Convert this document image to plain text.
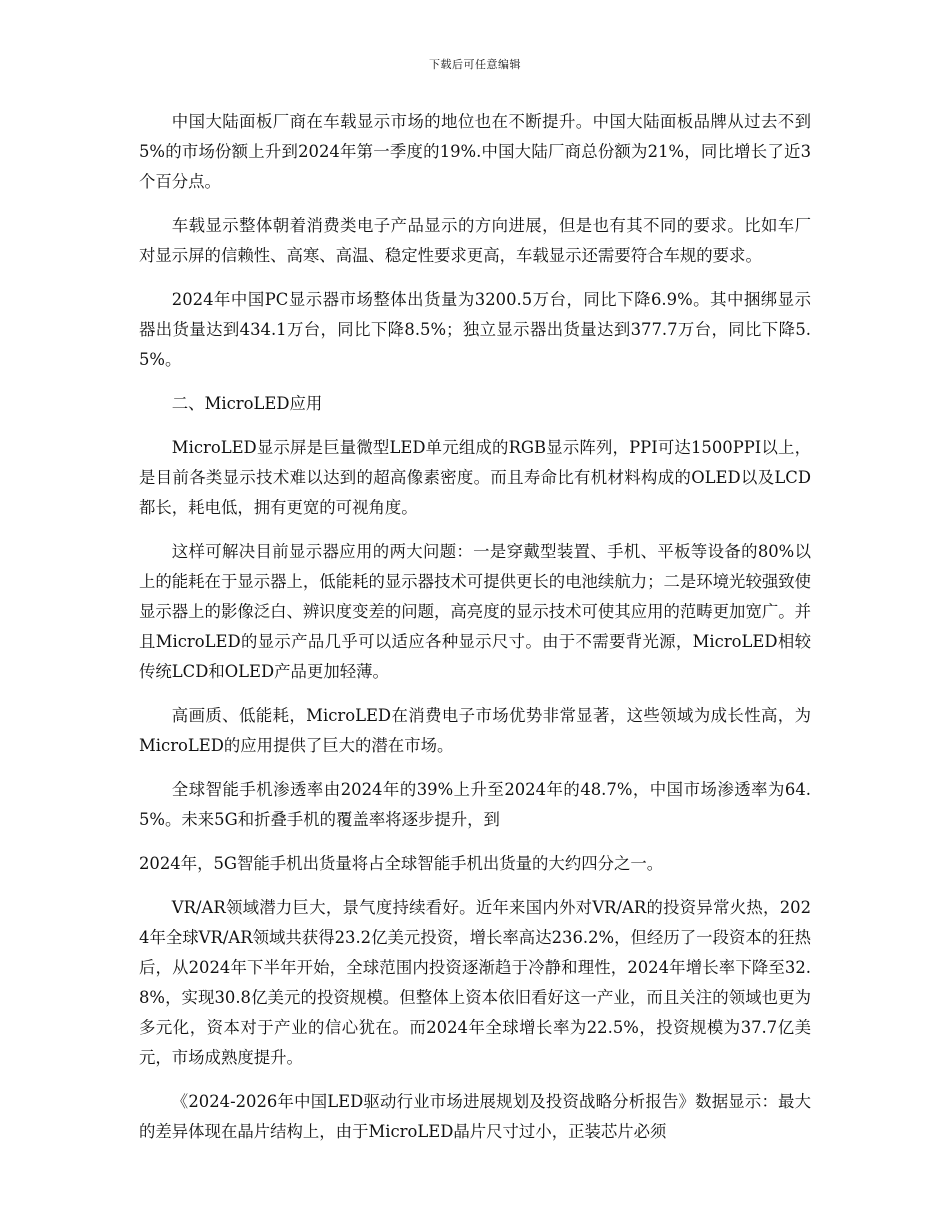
下载后可任意编辑

中国大陆面板厂商在车载显示市场的地位也在不断提升。中国大陆面板品牌从过去不到5%的市场份额上升到2024年第一季度的19%.中国大陆厂商总份额为21%，同比增长了近3个百分点。

车载显示整体朝着消费类电子产品显示的方向进展，但是也有其不同的要求。比如车厂对显示屏的信赖性、高寒、高温、稳定性要求更高，车载显示还需要符合车规的要求。

2024年中国PC显示器市场整体出货量为3200.5万台，同比下降6.9%。其中捆绑显示器出货量达到434.1万台，同比下降8.5%；独立显示器出货量达到377.7万台，同比下降5.5%。

二、MicroLED应用

MicroLED显示屏是巨量微型LED单元组成的RGB显示阵列，PPI可达1500PPI以上，是目前各类显示技术难以达到的超高像素密度。而且寿命比有机材料构成的OLED以及LCD都长，耗电低，拥有更宽的可视角度。

这样可解决目前显示器应用的两大问题：一是穿戴型装置、手机、平板等设备的80%以上的能耗在于显示器上，低能耗的显示器技术可提供更长的电池续航力；二是环境光较强致使显示器上的影像泛白、辨识度变差的问题，高亮度的显示技术可使其应用的范畴更加宽广。并且MicroLED的显示产品几乎可以适应各种显示尺寸。由于不需要背光源，MicroLED相较传统LCD和OLED产品更加轻薄。

高画质、低能耗，MicroLED在消费电子市场优势非常显著，这些领域为成长性高，为MicroLED的应用提供了巨大的潜在市场。

全球智能手机渗透率由2024年的39%上升至2024年的48.7%，中国市场渗透率为64.5%。未来5G和折叠手机的覆盖率将逐步提升，到

2024年，5G智能手机出货量将占全球智能手机出货量的大约四分之一。

VR/AR领域潜力巨大，景气度持续看好。近年来国内外对VR/AR的投资异常火热，2024年全球VR/AR领域共获得23.2亿美元投资，增长率高达236.2%，但经历了一段资本的狂热后，从2024年下半年开始，全球范围内投资逐渐趋于冷静和理性，2024年增长率下降至32.8%，实现30.8亿美元的投资规模。但整体上资本依旧看好这一产业，而且关注的领域也更为多元化，资本对于产业的信心犹在。而2024年全球增长率为22.5%，投资规模为37.7亿美元，市场成熟度提升。

《2024-2026年中国LED驱动行业市场进展规划及投资战略分析报告》数据显示：最大的差异体现在晶片结构上，由于MicroLED晶片尺寸过小，正装芯片必须
